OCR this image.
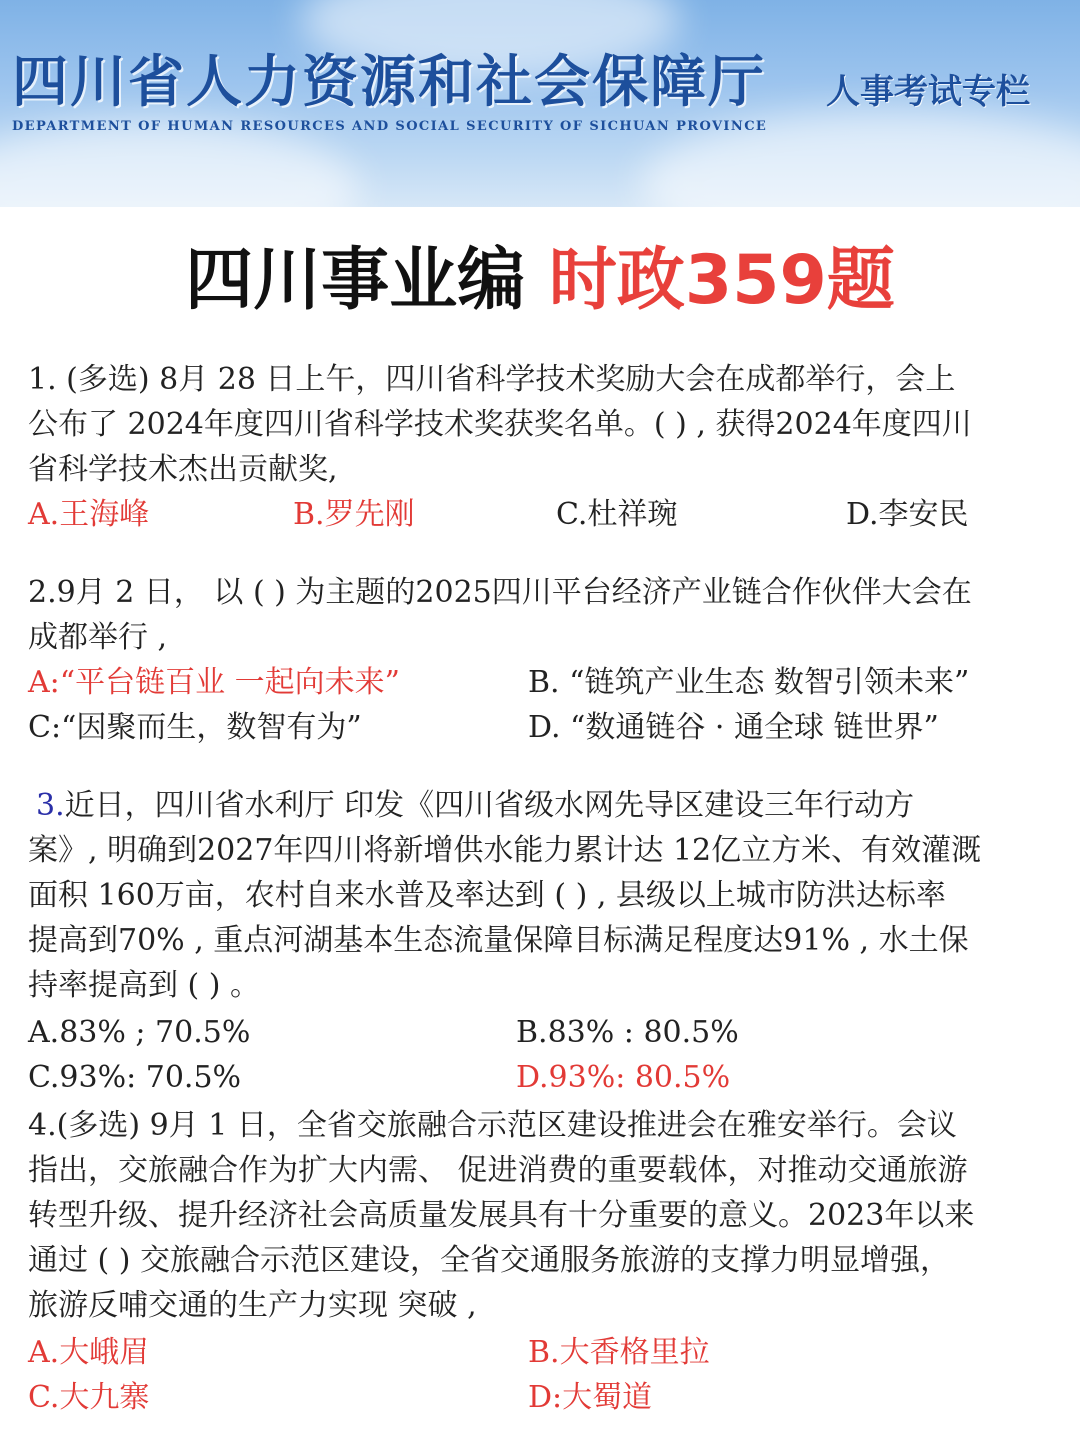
四川省人力资源和社会保障厅
DEPARTMENT OF HUMAN RESOURCES AND SOCIAL SECURITY OF SICHUAN PROVINCE
人事考试专栏
四川事业编 时政359题
1. (多选) 8月 28 日上午，四川省科学技术奖励大会在成都举行，会上
公布了 2024年度四川省科学技术奖获奖名单。( ) , 获得2024年度四川
省科学技术杰出贡献奖,
A.王海峰	B.罗先刚	C.杜祥琬	D.李安民
2.9月 2 日， 以 ( ) 为主题的2025四川平台经济产业链合作伙伴大会在
成都举行 ,
A:“平台链百业 一起向未来”	B. “链筑产业生态 数智引领未来”
C:“因聚而生，数智有为”	D. “数通链谷 · 通全球 链世界”
3.近日，四川省水利厅 印发《四川省级水网先导区建设三年行动方
案》, 明确到2027年四川将新增供水能力累计达 12亿立方米、有效灌溉
面积 160万亩，农村自来水普及率达到 ( ) , 县级以上城市防洪达标率
提高到70% , 重点河湖基本生态流量保障目标满足程度达91% , 水土保
持率提高到 ( ) 。
A.83% ; 70.5%	B.83% : 80.5%
C.93%: 70.5%	D.93%: 80.5%
4.(多选) 9月 1 日，全省交旅融合示范区建设推进会在雅安举行。会议
指出，交旅融合作为扩大内需、 促进消费的重要载体，对推动交通旅游
转型升级、提升经济社会高质量发展具有十分重要的意义。2023年以来
通过 ( ) 交旅融合示范区建设，全省交通服务旅游的支撑力明显增强，
旅游反哺交通的生产力实现 突破 ,
A.大峨眉	B.大香格里拉
C.大九寨	D:大蜀道
